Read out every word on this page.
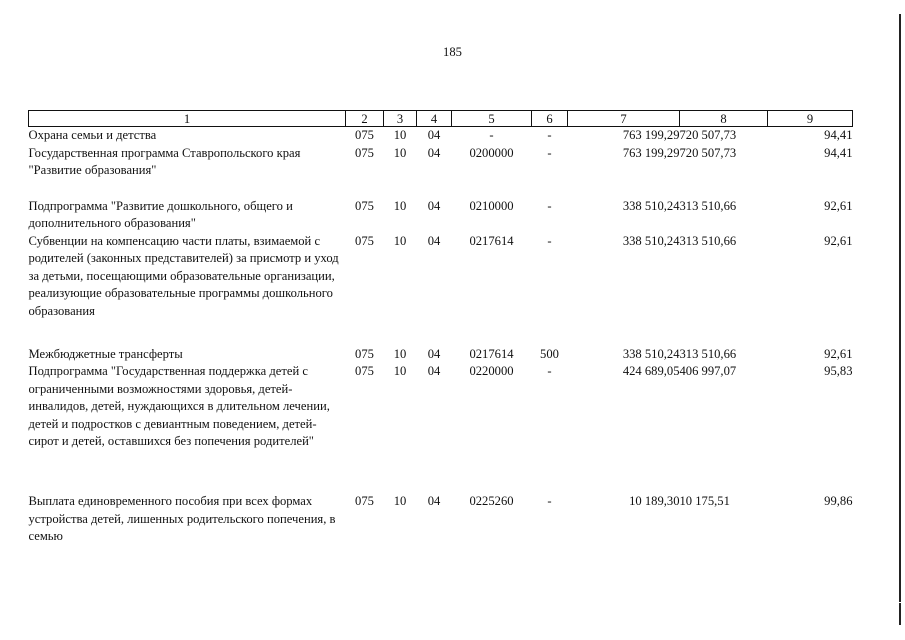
185
1	2	3	4	5	6	7	8	9
Охрана семьи и детства	075	10	04	-	-	763 199,29	720 507,73	94,41
Государственная программа Ставропольского края "Развитие образования"	075	10	04	0200000	-	763 199,29	720 507,73	94,41
Подпрограмма "Развитие дошкольного, общего и дополнительного образования"	075	10	04	0210000	-	338 510,24	313 510,66	92,61
Субвенции на компенсацию части платы, взимаемой с родителей (законных представителей) за присмотр и уход за детьми, посещающими образовательные организации, реализующие образовательные программы дошкольного образования	075	10	04	0217614	-	338 510,24	313 510,66	92,61
Межбюджетные трансферты	075	10	04	0217614	500	338 510,24	313 510,66	92,61
Подпрограмма "Государственная поддержка детей с ограниченными возможностями здоровья, детей-инвалидов, детей, нуждающихся в длительном лечении, детей и подростков с девиантным поведением, детей-сирот и детей, оставшихся без попечения родителей"	075	10	04	0220000	-	424 689,05	406 997,07	95,83
Выплата единовременного пособия при всех формах устройства детей, лишенных родительского попечения, в семью	075	10	04	0225260	-	10 189,30	10 175,51	99,86
